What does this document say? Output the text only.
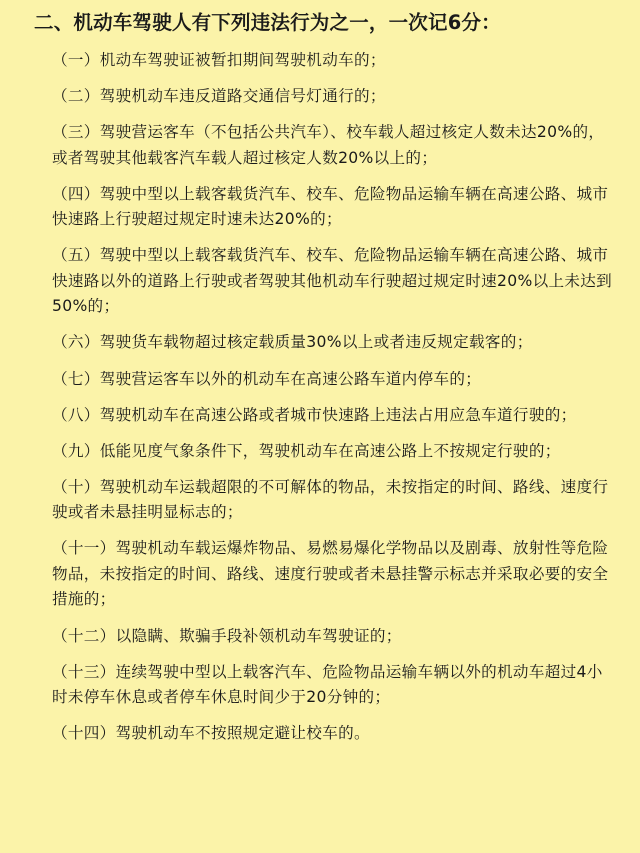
二、机动车驾驶人有下列违法行为之一，一次记6分：
（一）机动车驾驶证被暂扣期间驾驶机动车的；
（二）驾驶机动车违反道路交通信号灯通行的；
（三）驾驶营运客车（不包括公共汽车）、校车载人超过核定人数未达20%的，或者驾驶其他载客汽车载人超过核定人数20%以上的；
（四）驾驶中型以上载客载货汽车、校车、危险物品运输车辆在高速公路、城市快速路上行驶超过规定时速未达20%的；
（五）驾驶中型以上载客载货汽车、校车、危险物品运输车辆在高速公路、城市快速路以外的道路上行驶或者驾驶其他机动车行驶超过规定时速20%以上未达到50%的；
（六）驾驶货车载物超过核定载质量30%以上或者违反规定载客的；
（七）驾驶营运客车以外的机动车在高速公路车道内停车的；
（八）驾驶机动车在高速公路或者城市快速路上违法占用应急车道行驶的；
（九）低能见度气象条件下，驾驶机动车在高速公路上不按规定行驶的；
（十）驾驶机动车运载超限的不可解体的物品，未按指定的时间、路线、速度行驶或者未悬挂明显标志的；
（十一）驾驶机动车载运爆炸物品、易燃易爆化学物品以及剧毒、放射性等危险物品，未按指定的时间、路线、速度行驶或者未悬挂警示标志并采取必要的安全措施的；
（十二）以隐瞒、欺骗手段补领机动车驾驶证的；
（十三）连续驾驶中型以上载客汽车、危险物品运输车辆以外的机动车超过4小时未停车休息或者停车休息时间少于20分钟的；
（十四）驾驶机动车不按照规定避让校车的。
